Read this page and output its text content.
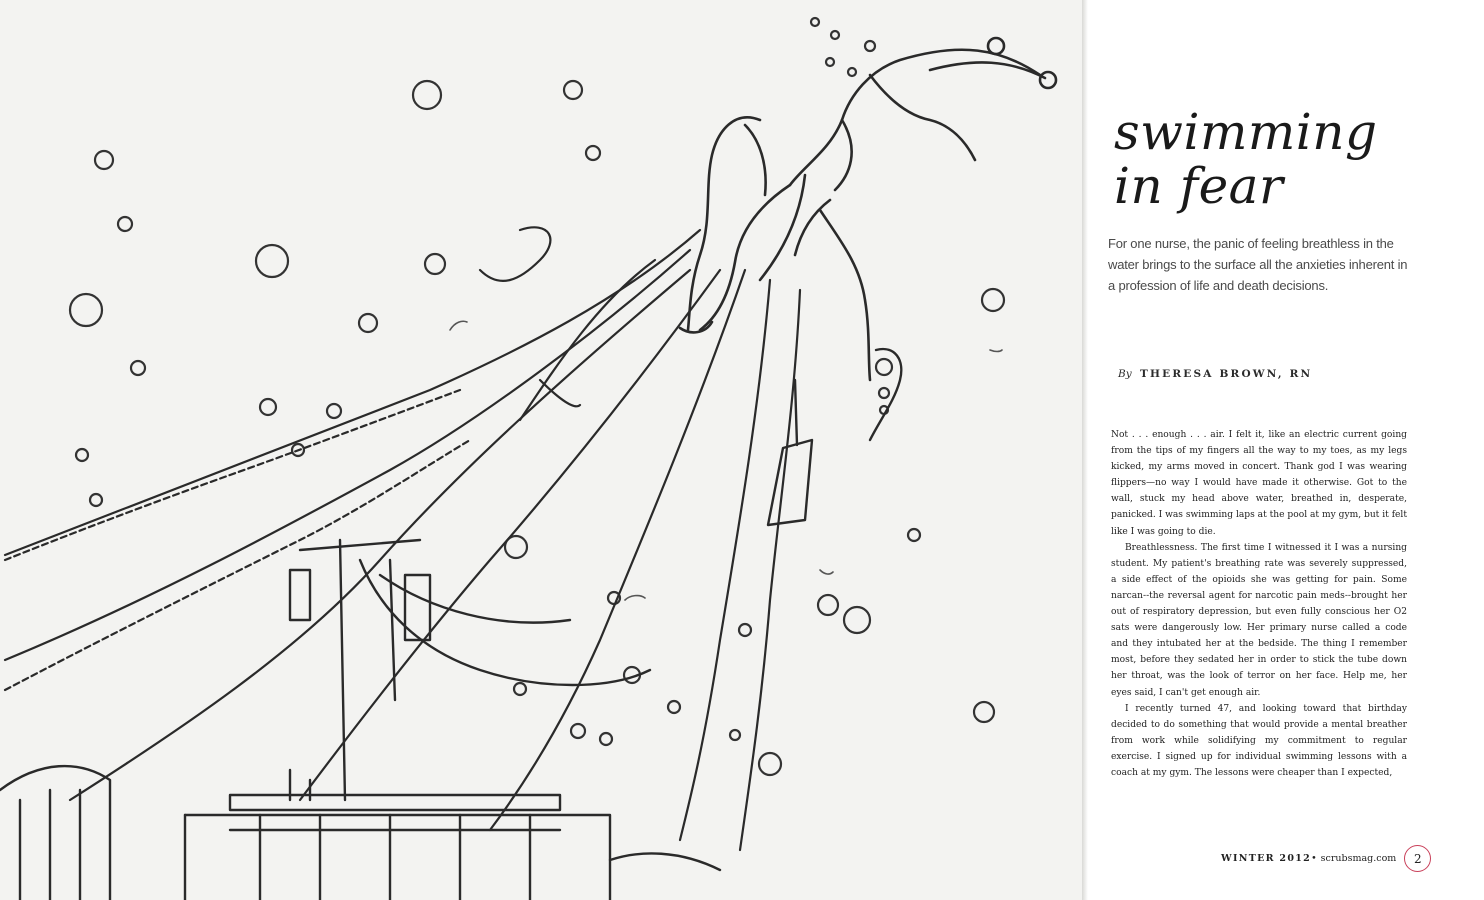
swimming
in fear

For one nurse, the panic of feeling breathless in the water brings to the surface all the anxieties inherent in a profession of life and death decisions.

By THERESA BROWN, RN

Not . . . enough . . . air. I felt it, like an electric current going from the tips of my fingers all the way to my toes, as my legs kicked, my arms moved in concert. Thank god I was wearing flippers—no way I would have made it otherwise. Got to the wall, stuck my head above water, breathed in, desperate, panicked. I was swimming laps at the pool at my gym, but it felt like I was going to die.

Breathlessness. The first time I witnessed it I was a nursing student. My patient's breathing rate was severely suppressed, a side effect of the opioids she was getting for pain. Some narcan--the reversal agent for narcotic pain meds--brought her out of respiratory depression, but even fully conscious her O2 sats were dangerously low. Her primary nurse called a code and they intubated her at the bedside. The thing I remember most, before they sedated her in order to stick the tube down her throat, was the look of terror on her face. Help me, her eyes said, I can't get enough air.

I recently turned 47, and looking toward that birthday decided to do something that would provide a mental breather from work while solidifying my commitment to regular exercise. I signed up for individual swimming lessons with a coach at my gym. The lessons were cheaper than I expected,

WINTER 2012 • scrubsmag.com	2
